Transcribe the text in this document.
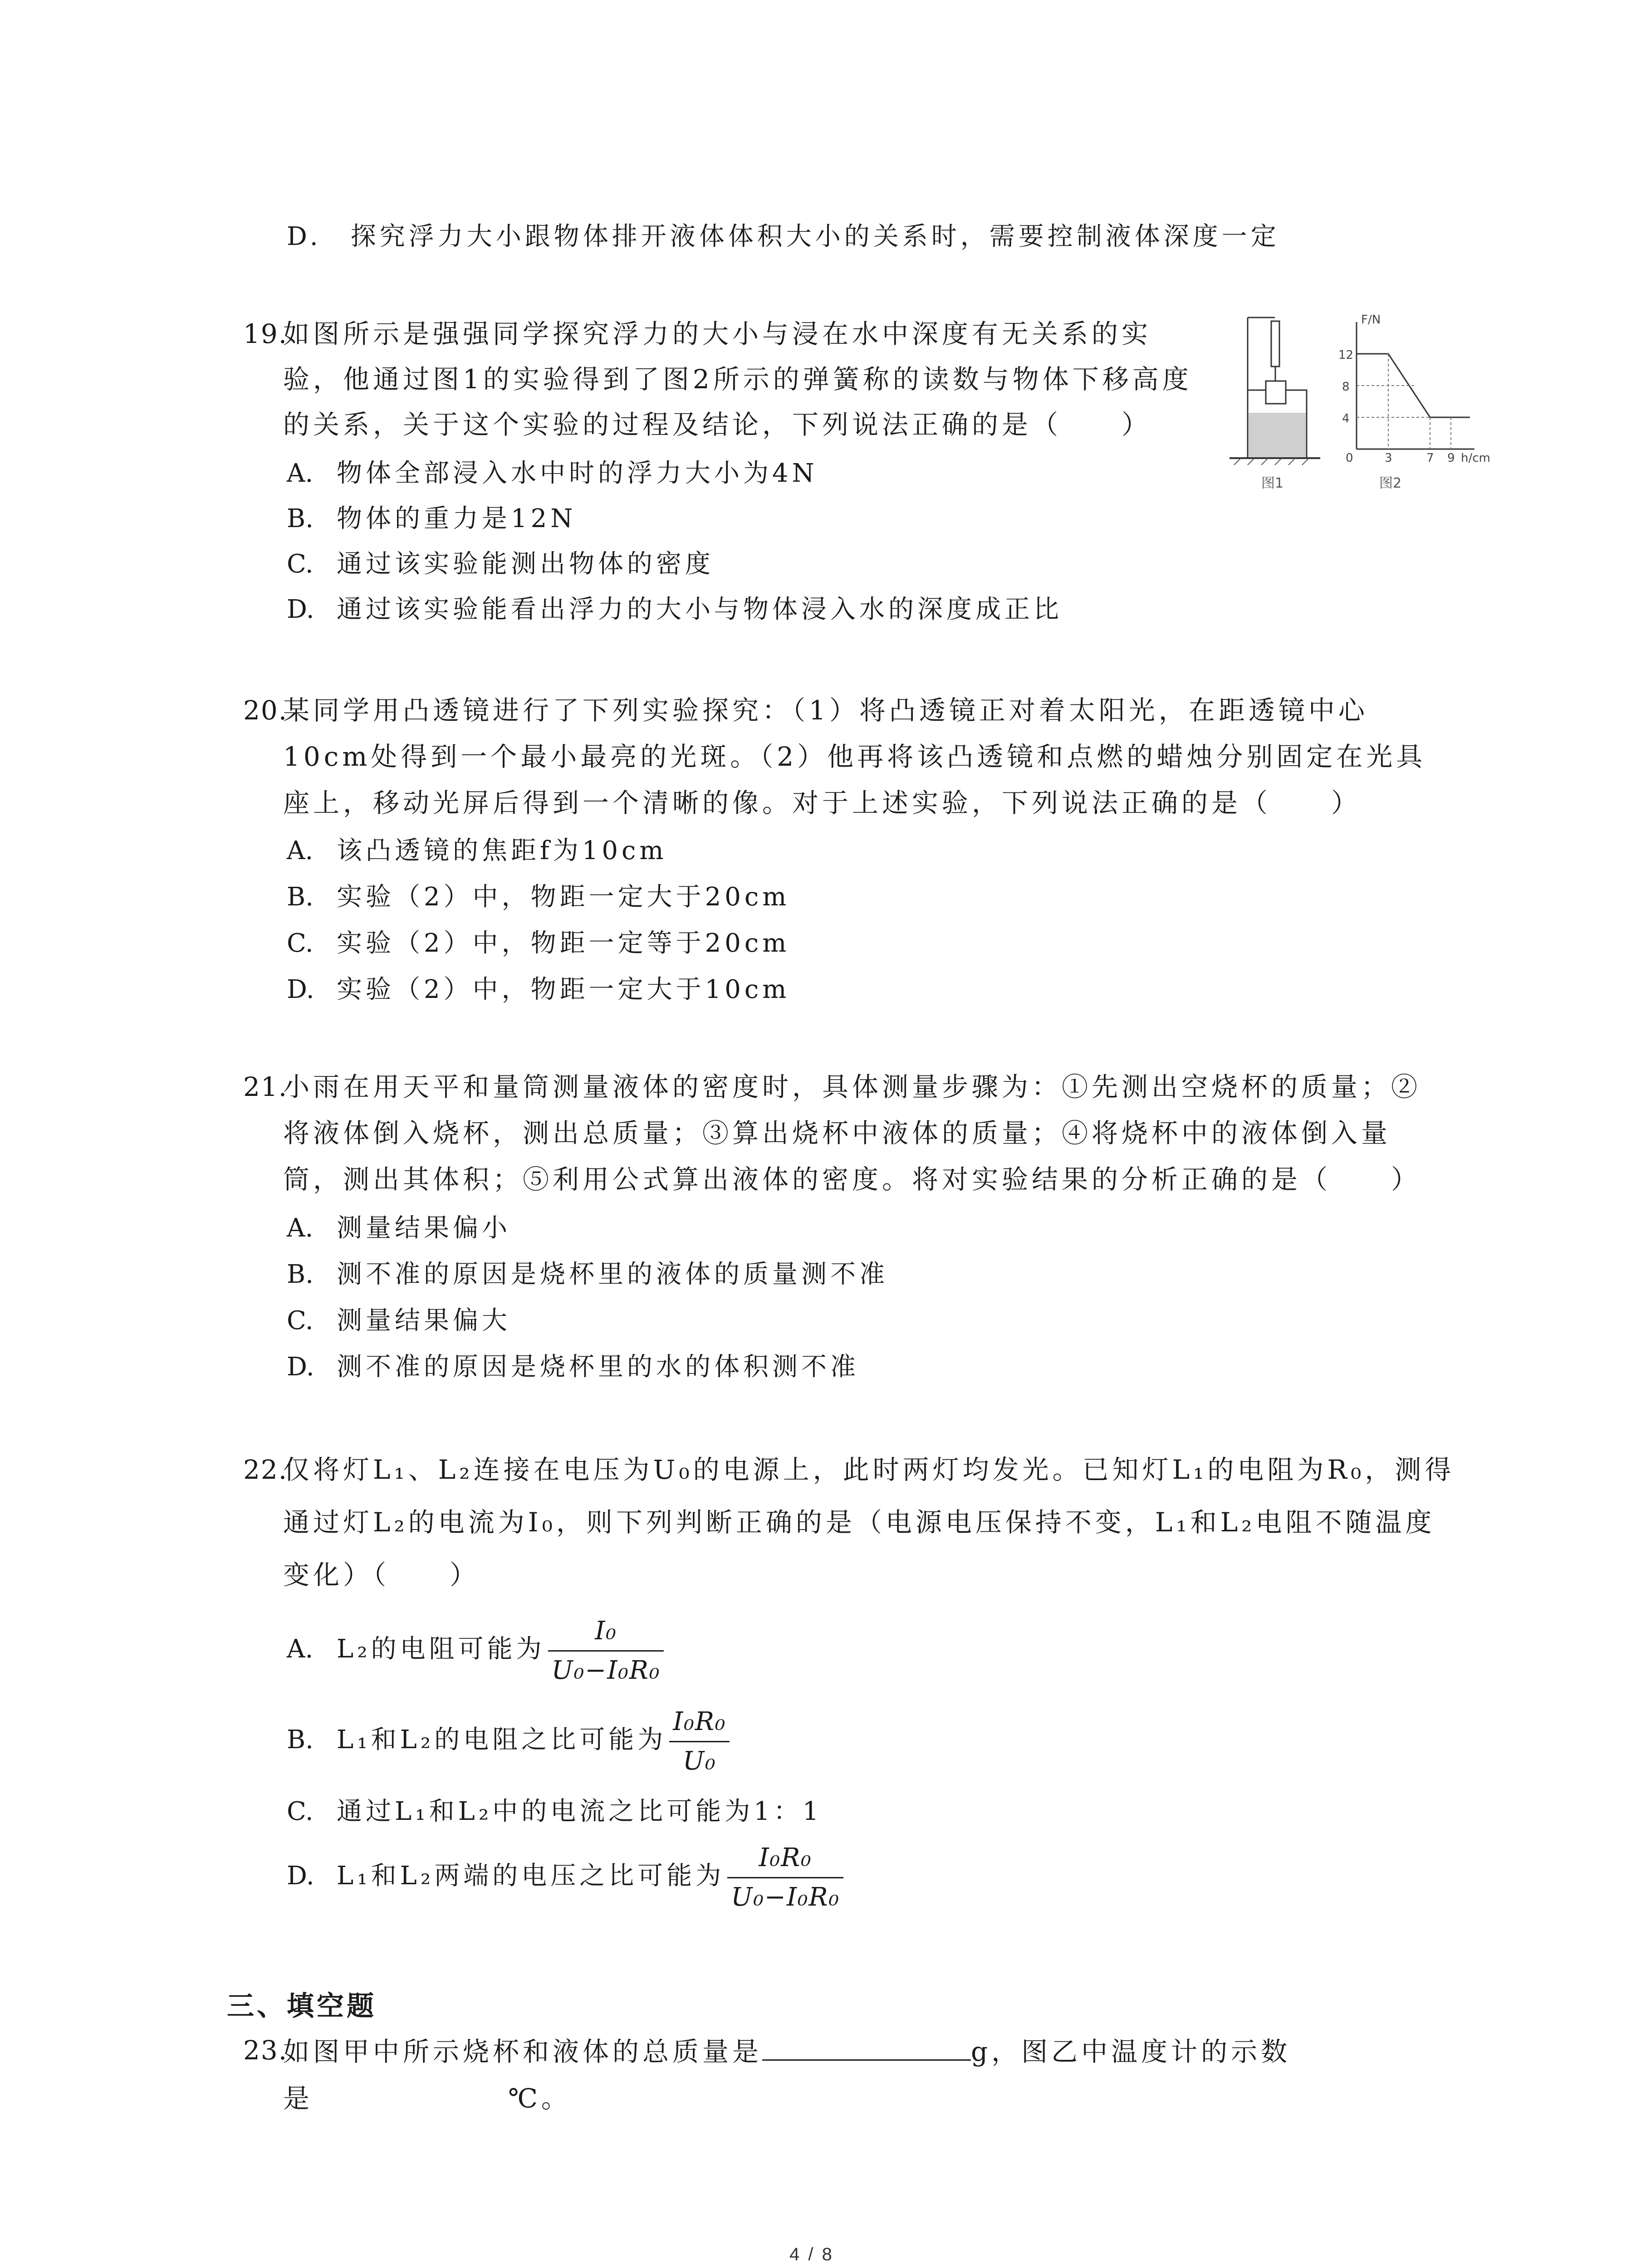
D.　探究浮力大小跟物体排开液体体积大小的关系时，需要控制液体深度一定
19.
如图所示是强强同学探究浮力的大小与浸在水中深度有无关系的实
验，他通过图1的实验得到了图2所示的弹簧称的读数与物体下移高度
的关系，关于这个实验的过程及结论，下列说法正确的是（　　）
A. 物体全部浸入水中时的浮力大小为4N
B. 物体的重力是12N
C. 通过该实验能测出物体的密度
D. 通过该实验能看出浮力的大小与物体浸入水的深度成正比
图1
F/N
12
8
4
0	3	7 9 h/cm
图2
20.
某同学用凸透镜进行了下列实验探究：（1）将凸透镜正对着太阳光，在距透镜中心
10cm处得到一个最小最亮的光斑。（2）他再将该凸透镜和点燃的蜡烛分别固定在光具
座上，移动光屏后得到一个清晰的像。对于上述实验，下列说法正确的是（　　）
A. 该凸透镜的焦距f为10cm
B. 实验（2）中，物距一定大于20cm
C. 实验（2）中，物距一定等于20cm
D. 实验（2）中，物距一定大于10cm
21.
小雨在用天平和量筒测量液体的密度时，具体测量步骤为：①先测出空烧杯的质量；②
将液体倒入烧杯，测出总质量；③算出烧杯中液体的质量；④将烧杯中的液体倒入量
筒，测出其体积；⑤利用公式算出液体的密度。将对实验结果的分析正确的是（　　）
A. 测量结果偏小
B. 测不准的原因是烧杯里的液体的质量测不准
C. 测量结果偏大
D. 测不准的原因是烧杯里的水的体积测不准
22.
仅将灯L₁、L₂连接在电压为U₀的电源上，此时两灯均发光。已知灯L₁的电阻为R₀，测得
通过灯L₂的电流为I₀，则下列判断正确的是（电源电压保持不变，L₁和L₂电阻不随温度
变化）（　　）
A. L₂的电阻可能为 $\frac{\text{I₀}}{\text{U₀−I₀R₀}}$
B. L₁和L₂的电阻之比可能为 $\frac{\text{I₀R₀}}{\text{U₀}}$
C. 通过L₁和L₂中的电流之比可能为1：1
D. L₁和L₂两端的电压之比可能为 $\frac{\text{I₀R₀}}{\text{U₀−I₀R₀}}$
三、填空题
23.
如图甲中所示烧杯和液体的总质量是	g，图乙中温度计的示数
是	℃。
4 / 8
